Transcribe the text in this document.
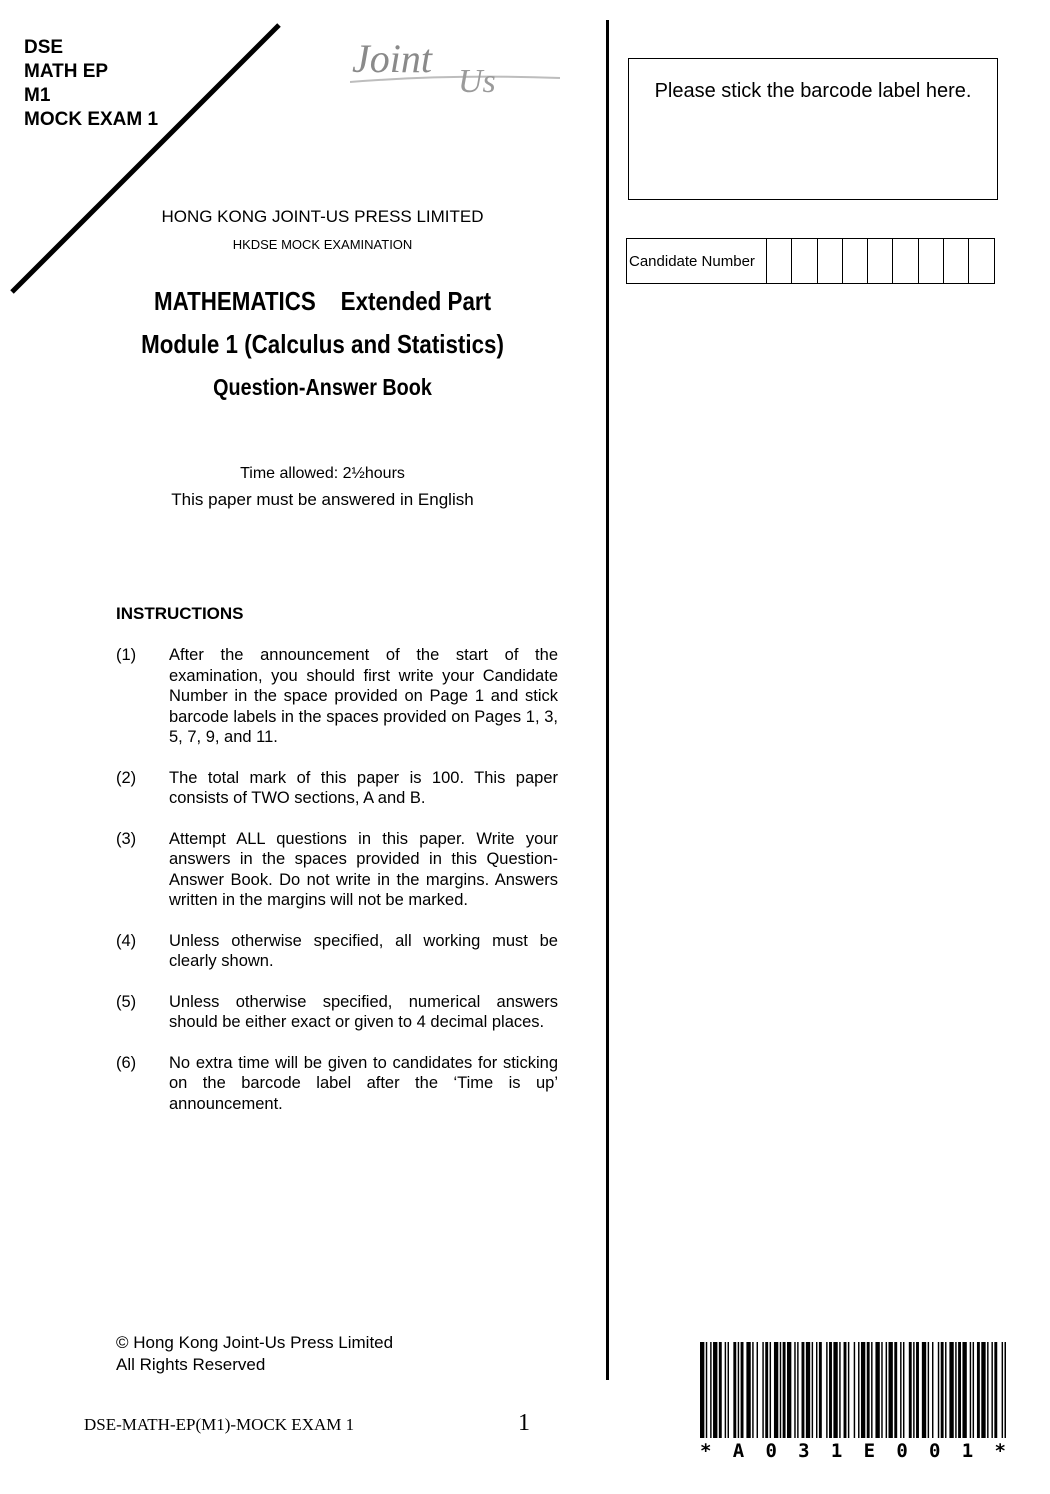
DSE
MATH EP
M1
MOCK EXAM 1
Joint
Us
HONG KONG JOINT-US PRESS LIMITED
HKDSE MOCK EXAMINATION
MATHEMATICS    Extended Part
Module 1 (Calculus and Statistics)
Question-Answer Book
Time allowed: 2½hours
This paper must be answered in English
INSTRUCTIONS
(1)	After the announcement of the start of the examination, you should first write your Candidate Number in the space provided on Page 1 and stick barcode labels in the spaces provided on Pages 1, 3, 5, 7, 9, and 11.
(2)	The total mark of this paper is 100. This paper consists of TWO sections, A and B.
(3)	Attempt ALL questions in this paper. Write your answers in the spaces provided in this Question-Answer Book. Do not write in the margins. Answers written in the margins will not be marked.
(4)	Unless otherwise specified, all working must be clearly shown.
(5)	Unless otherwise specified, numerical answers should be either exact or given to 4 decimal places.
(6)	No extra time will be given to candidates for sticking on the barcode label after the ‘Time is up’ announcement.
© Hong Kong Joint-Us Press Limited
All Rights Reserved
DSE-MATH-EP(M1)-MOCK EXAM 1	1
Please stick the barcode label here.
Candidate Number
* A 0 3 1 E 0 0 1 *
